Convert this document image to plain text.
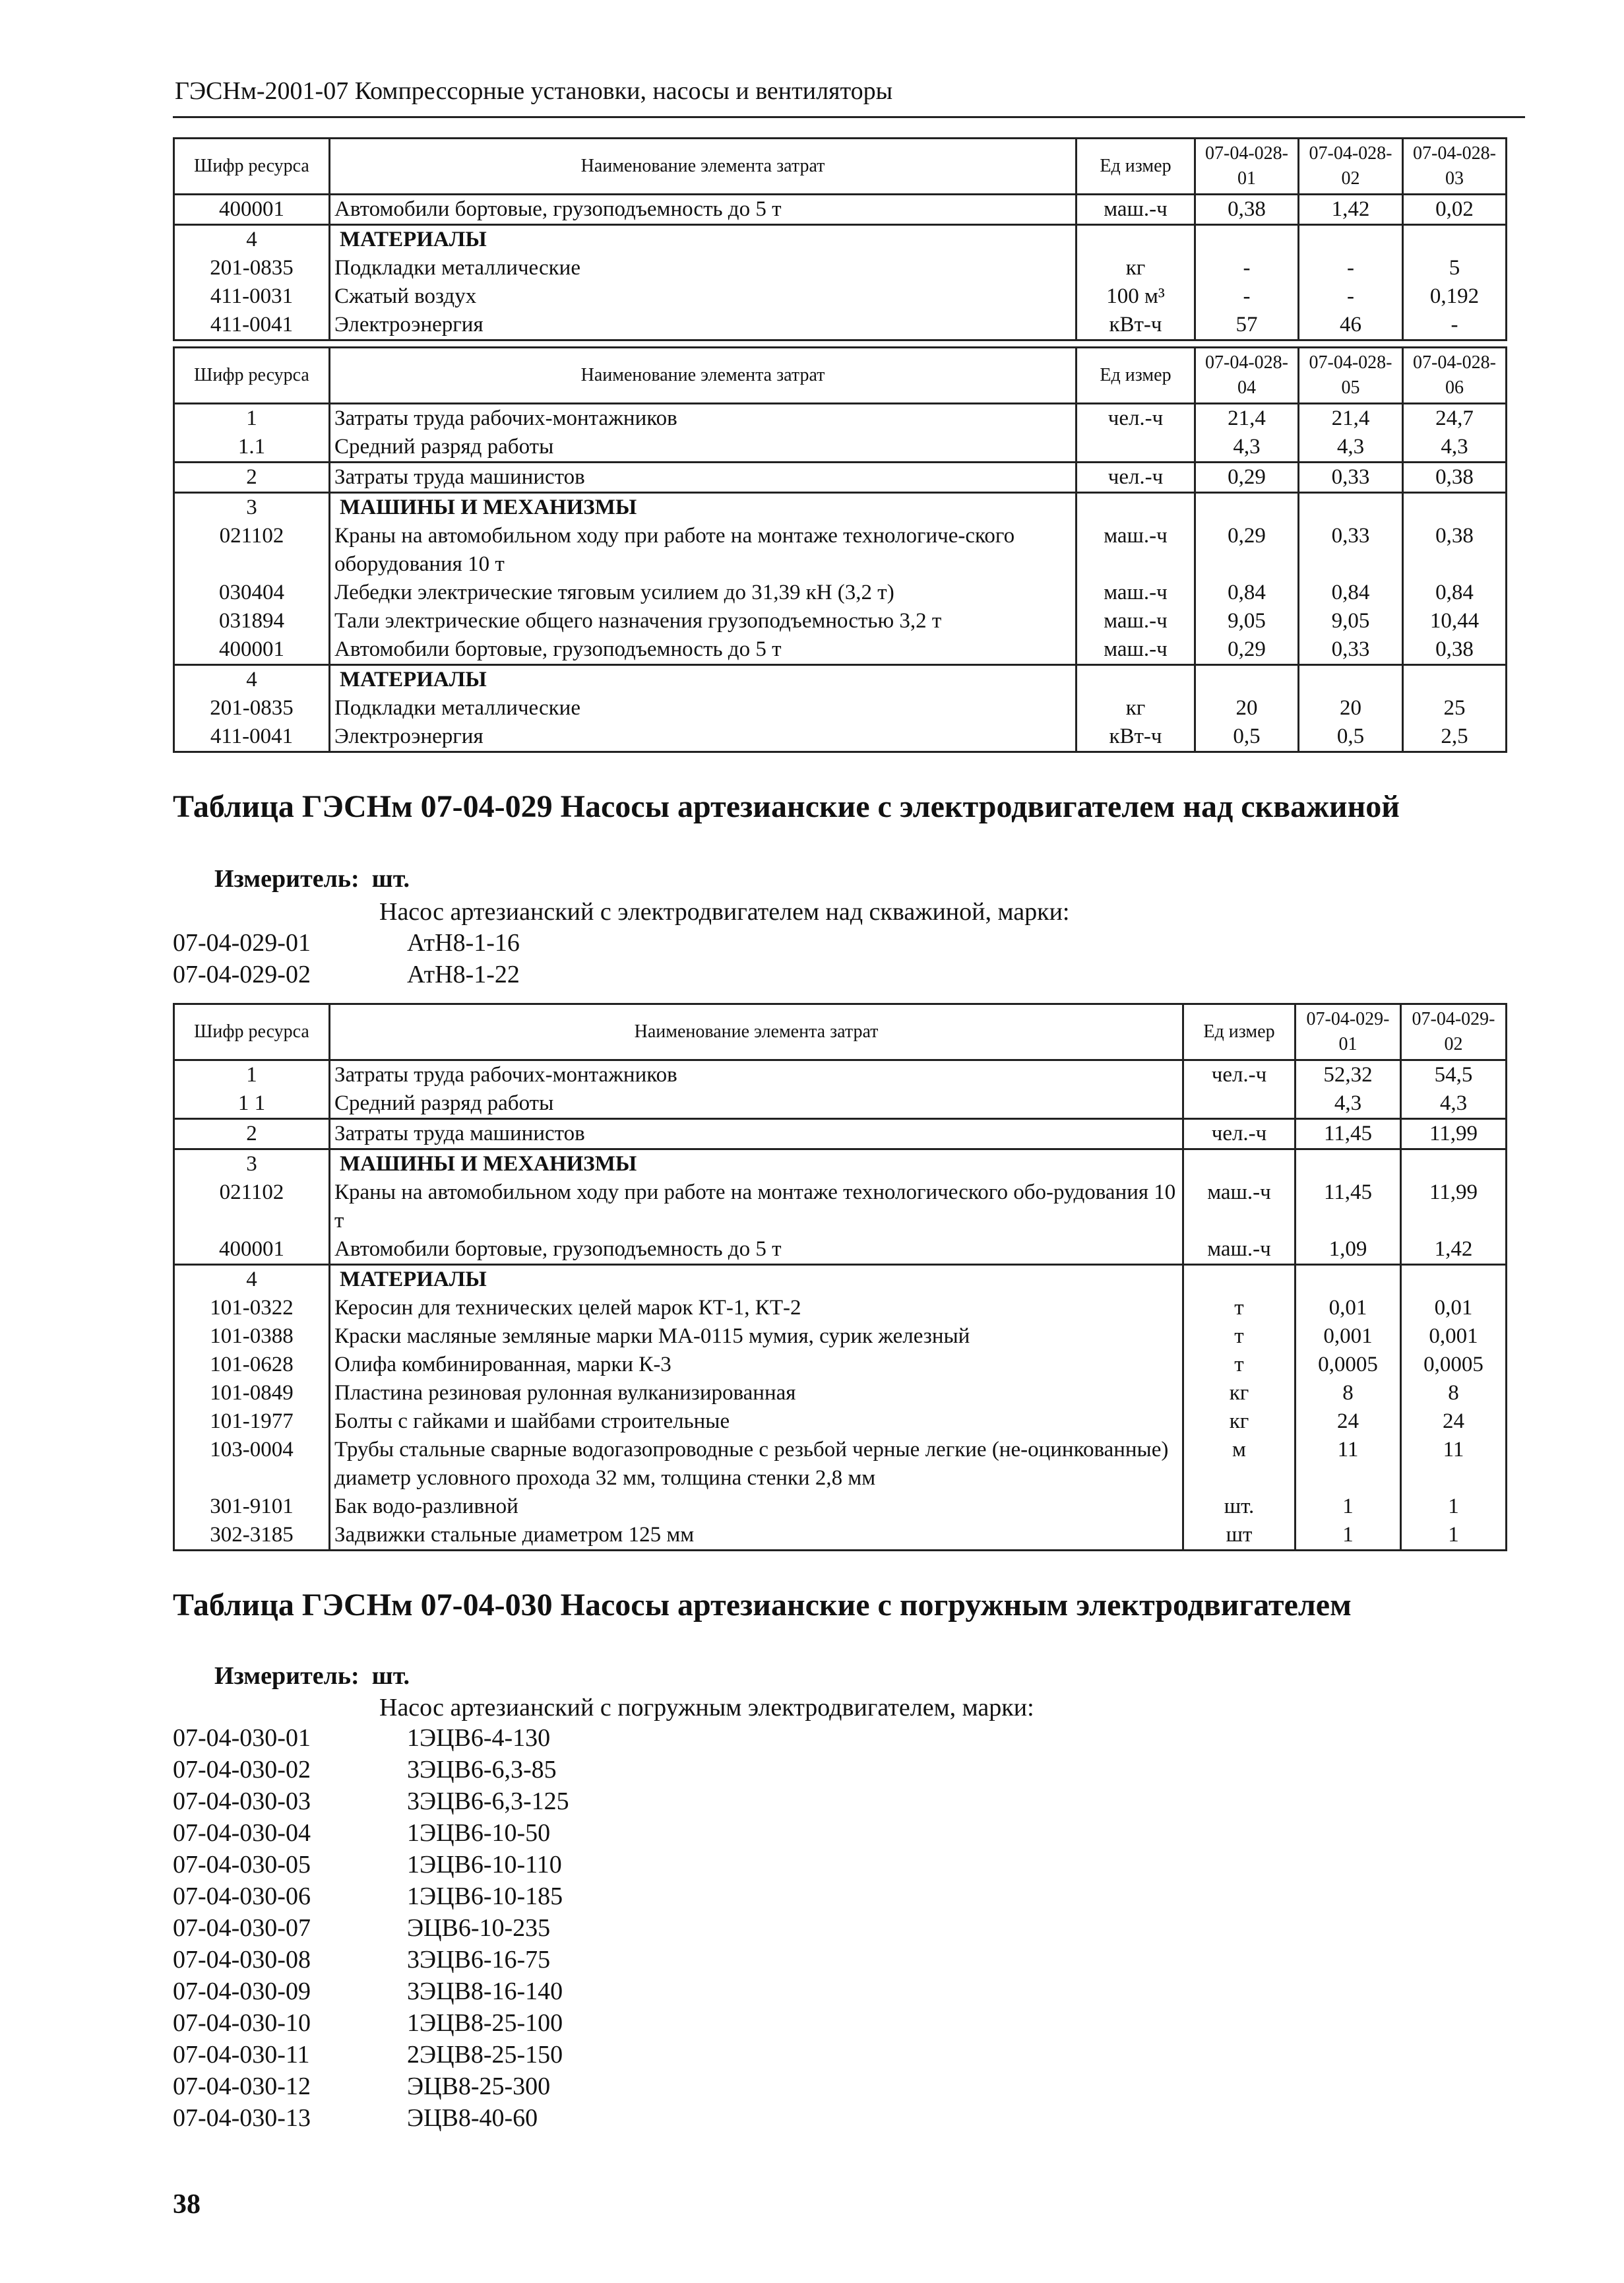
ГЭСНм-2001-07 Компрессорные установки, насосы и вентиляторы
Шифр ресурса	Наименование элемента затрат	Ед измер	07-04-028-01	07-04-028-02	07-04-028-03
400001	Автомобили бортовые, грузоподъемность до 5 т	маш.-ч	0,38	1,42	0,02
4	МАТЕРИАЛЫ				
201-0835	Подкладки металлические	кг	-	-	5
411-0031	Сжатый воздух	100 м³	-	-	0,192
411-0041	Электроэнергия	кВт-ч	57	46	-
Шифр ресурса	Наименование элемента затрат	Ед измер	07-04-028-04	07-04-028-05	07-04-028-06
1	Затраты труда рабочих-монтажников	чел.-ч	21,4	21,4	24,7
1.1	Средний разряд работы		4,3	4,3	4,3
2	Затраты труда машинистов	чел.-ч	0,29	0,33	0,38
3	МАШИНЫ И МЕХАНИЗМЫ				
021102	Краны на автомобильном ходу при работе на монтаже технологиче-ского оборудования 10 т	маш.-ч	0,29	0,33	0,38
030404	Лебедки электрические тяговым усилием до 31,39 кН (3,2 т)	маш.-ч	0,84	0,84	0,84
031894	Тали электрические общего назначения грузоподъемностью 3,2 т	маш.-ч	9,05	9,05	10,44
400001	Автомобили бортовые, грузоподъемность до 5 т	маш.-ч	0,29	0,33	0,38
4	МАТЕРИАЛЫ				
201-0835	Подкладки металлические	кг	20	20	25
411-0041	Электроэнергия	кВт-ч	0,5	0,5	2,5
Таблица ГЭСНм 07-04-029 Насосы артезианские с электродвигателем над скважиной
Измеритель: шт.
Насос артезианский с электродвигателем над скважиной, марки:
07-04-029-01	АтН8-1-16
07-04-029-02	АтН8-1-22
Шифр ресурса	Наименование элемента затрат	Ед измер	07-04-029-01	07-04-029-02
1	Затраты труда рабочих-монтажников	чел.-ч	52,32	54,5
1 1	Средний разряд работы		4,3	4,3
2	Затраты труда машинистов	чел.-ч	11,45	11,99
3	МАШИНЫ И МЕХАНИЗМЫ			
021102	Краны на автомобильном ходу при работе на монтаже технологического обо-рудования 10 т	маш.-ч	11,45	11,99
400001	Автомобили бортовые, грузоподъемность до 5 т	маш.-ч	1,09	1,42
4	МАТЕРИАЛЫ			
101-0322	Керосин для технических целей марок КТ-1, КТ-2	т	0,01	0,01
101-0388	Краски масляные земляные марки МА-0115 мумия, сурик железный	т	0,001	0,001
101-0628	Олифа комбинированная, марки К-3	т	0,0005	0,0005
101-0849	Пластина резиновая рулонная вулканизированная	кг	8	8
101-1977	Болты с гайками и шайбами строительные	кг	24	24
103-0004	Трубы стальные сварные водогазопроводные с резьбой черные легкие (не-оцинкованные) диаметр условного прохода 32 мм, толщина стенки 2,8 мм	м	11	11
301-9101	Бак водо-разливной	шт.	1	1
302-3185	Задвижки стальные диаметром 125 мм	шт	1	1
Таблица ГЭСНм 07-04-030 Насосы артезианские с погружным электродвигателем
Измеритель: шт.
Насос артезианский с погружным электродвигателем, марки:
07-04-030-01	1ЭЦВ6-4-130
07-04-030-02	3ЭЦВ6-6,3-85
07-04-030-03	3ЭЦВ6-6,3-125
07-04-030-04	1ЭЦВ6-10-50
07-04-030-05	1ЭЦВ6-10-110
07-04-030-06	1ЭЦВ6-10-185
07-04-030-07	ЭЦВ6-10-235
07-04-030-08	3ЭЦВ6-16-75
07-04-030-09	3ЭЦВ8-16-140
07-04-030-10	1ЭЦВ8-25-100
07-04-030-11	2ЭЦВ8-25-150
07-04-030-12	ЭЦВ8-25-300
07-04-030-13	ЭЦВ8-40-60
38
